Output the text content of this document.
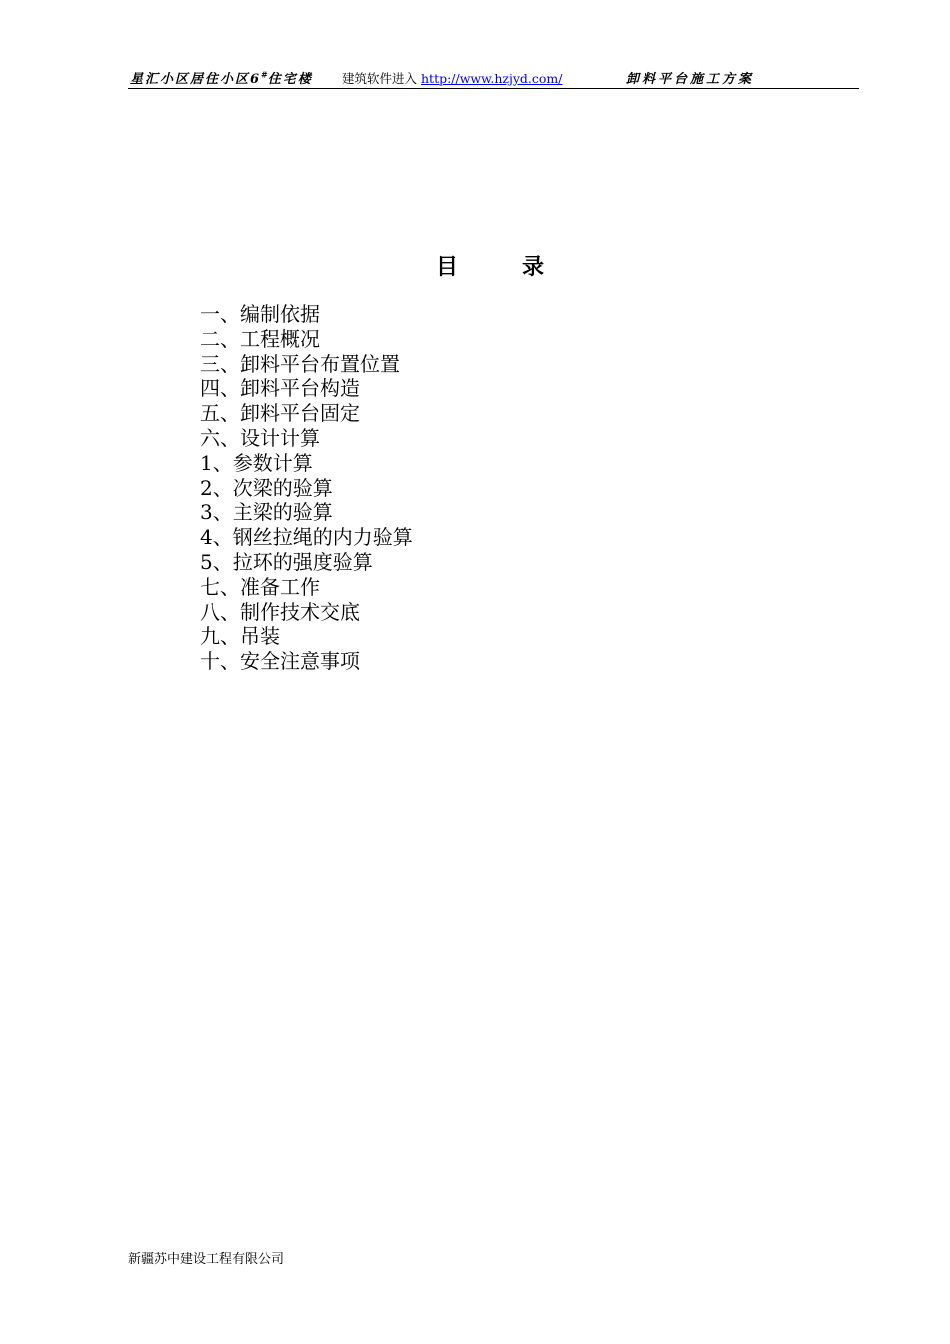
星汇小区居住小区6#住宅楼 建筑软件进入 http://www.hzjyd.com/	卸料平台施工方案
目	录
一、编制依据
二、工程概况
三、卸料平台布置位置
四、卸料平台构造
五、卸料平台固定
六、设计计算
1、参数计算
2、次梁的验算
3、主梁的验算
4、钢丝拉绳的内力验算
5、拉环的强度验算
七、准备工作
八、制作技术交底
九、吊装
十、安全注意事项
新疆苏中建设工程有限公司
